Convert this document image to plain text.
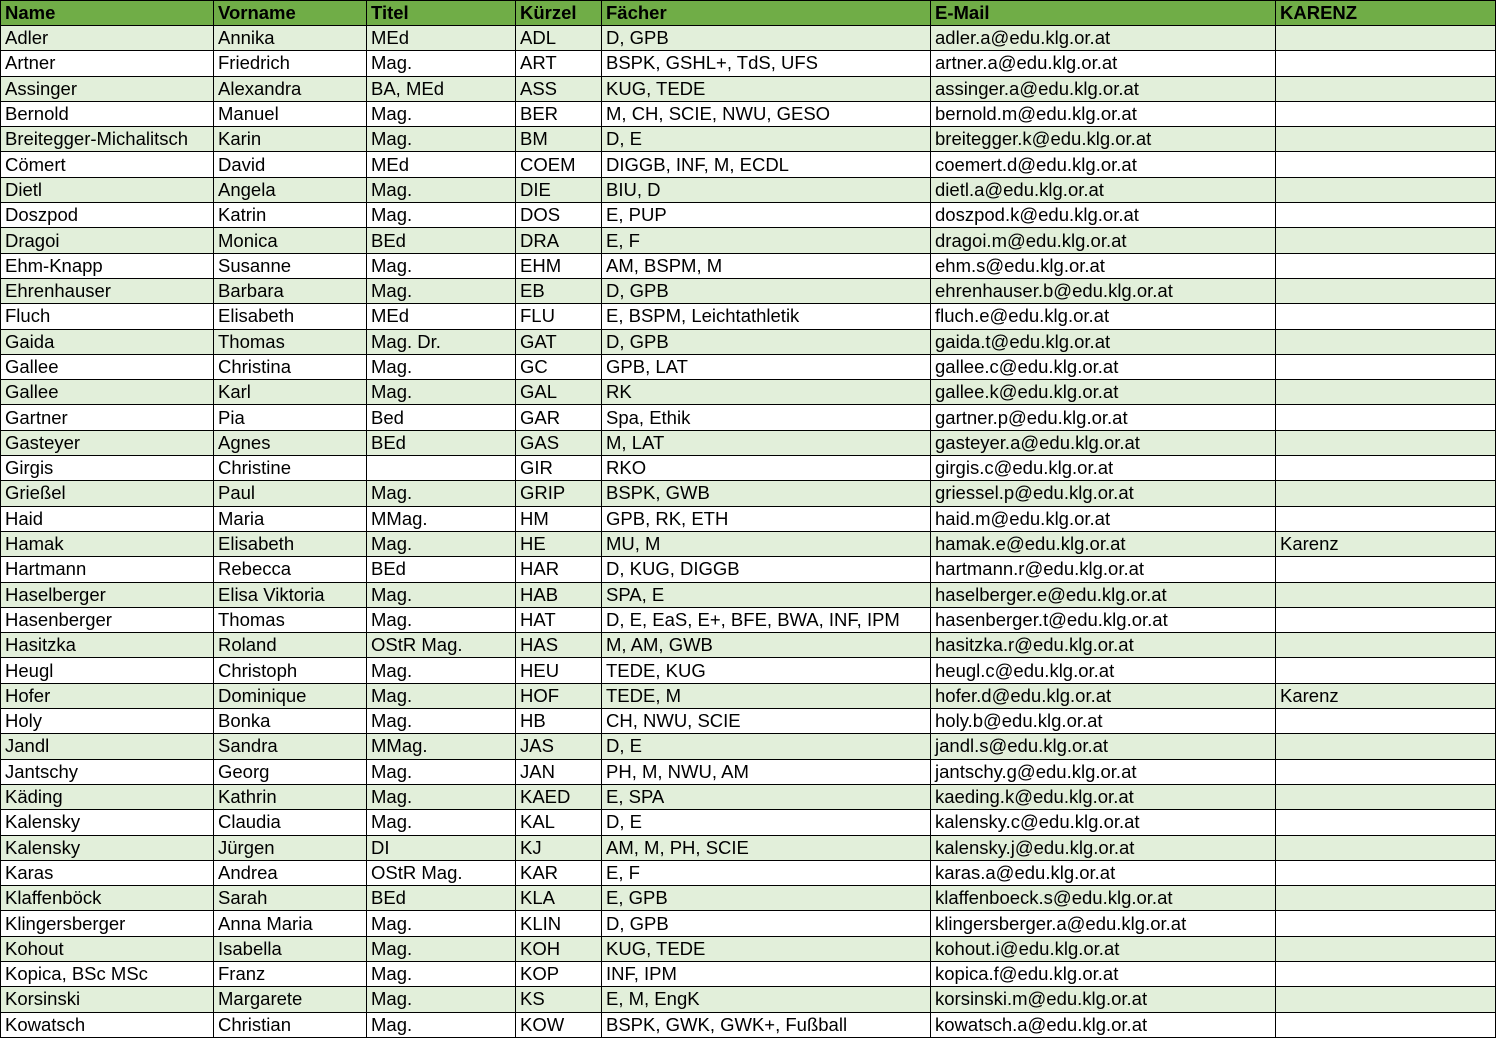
Name	Vorname	Titel	Kürzel	Fächer	E-Mail	KARENZ
Adler	Annika	MEd	ADL	D, GPB	adler.a@edu.klg.or.at	
Artner	Friedrich	Mag.	ART	BSPK, GSHL+, TdS, UFS	artner.a@edu.klg.or.at	
Assinger	Alexandra	BA, MEd	ASS	KUG, TEDE	assinger.a@edu.klg.or.at	
Bernold	Manuel	Mag.	BER	M, CH, SCIE, NWU, GESO	bernold.m@edu.klg.or.at	
Breitegger-Michalitsch	Karin	Mag.	BM	D, E	breitegger.k@edu.klg.or.at	
Cömert	David	MEd	COEM	DIGGB, INF, M, ECDL	coemert.d@edu.klg.or.at	
Dietl	Angela	Mag.	DIE	BIU, D	dietl.a@edu.klg.or.at	
Doszpod	Katrin	Mag.	DOS	E, PUP	doszpod.k@edu.klg.or.at	
Dragoi	Monica	BEd	DRA	E, F	dragoi.m@edu.klg.or.at	
Ehm-Knapp	Susanne	Mag.	EHM	AM, BSPM, M	ehm.s@edu.klg.or.at	
Ehrenhauser	Barbara	Mag.	EB	D, GPB	ehrenhauser.b@edu.klg.or.at	
Fluch	Elisabeth	MEd	FLU	E, BSPM, Leichtathletik	fluch.e@edu.klg.or.at	
Gaida	Thomas	Mag. Dr.	GAT	D, GPB	gaida.t@edu.klg.or.at	
Gallee	Christina	Mag.	GC	GPB, LAT	gallee.c@edu.klg.or.at	
Gallee	Karl	Mag.	GAL	RK	gallee.k@edu.klg.or.at	
Gartner	Pia	Bed	GAR	Spa, Ethik	gartner.p@edu.klg.or.at	
Gasteyer	Agnes	BEd	GAS	M, LAT	gasteyer.a@edu.klg.or.at	
Girgis	Christine		GIR	RKO	girgis.c@edu.klg.or.at	
Grießel	Paul	Mag.	GRIP	BSPK, GWB	griessel.p@edu.klg.or.at	
Haid	Maria	MMag.	HM	GPB, RK, ETH	haid.m@edu.klg.or.at	
Hamak	Elisabeth	Mag.	HE	MU, M	hamak.e@edu.klg.or.at	Karenz
Hartmann	Rebecca	BEd	HAR	D, KUG, DIGGB	hartmann.r@edu.klg.or.at	
Haselberger	Elisa Viktoria	Mag.	HAB	SPA, E	haselberger.e@edu.klg.or.at	
Hasenberger	Thomas	Mag.	HAT	D, E, EaS, E+, BFE, BWA, INF, IPM	hasenberger.t@edu.klg.or.at	
Hasitzka	Roland	OStR Mag.	HAS	M, AM, GWB	hasitzka.r@edu.klg.or.at	
Heugl	Christoph	Mag.	HEU	TEDE, KUG	heugl.c@edu.klg.or.at	
Hofer	Dominique	Mag.	HOF	TEDE, M	hofer.d@edu.klg.or.at	Karenz
Holy	Bonka	Mag.	HB	CH, NWU, SCIE	holy.b@edu.klg.or.at	
Jandl	Sandra	MMag.	JAS	D, E	jandl.s@edu.klg.or.at	
Jantschy	Georg	Mag.	JAN	PH, M, NWU, AM	jantschy.g@edu.klg.or.at	
Käding	Kathrin	Mag.	KAED	E, SPA	kaeding.k@edu.klg.or.at	
Kalensky	Claudia	Mag.	KAL	D, E	kalensky.c@edu.klg.or.at	
Kalensky	Jürgen	DI	KJ	AM, M, PH, SCIE	kalensky.j@edu.klg.or.at	
Karas	Andrea	OStR Mag.	KAR	E, F	karas.a@edu.klg.or.at	
Klaffenböck	Sarah	BEd	KLA	E, GPB	klaffenboeck.s@edu.klg.or.at	
Klingersberger	Anna Maria	Mag.	KLIN	D, GPB	klingersberger.a@edu.klg.or.at	
Kohout	Isabella	Mag.	KOH	KUG, TEDE	kohout.i@edu.klg.or.at	
Kopica, BSc MSc	Franz	Mag.	KOP	INF, IPM	kopica.f@edu.klg.or.at	
Korsinski	Margarete	Mag.	KS	E, M, EngK	korsinski.m@edu.klg.or.at	
Kowatsch	Christian	Mag.	KOW	BSPK, GWK, GWK+, Fußball	kowatsch.a@edu.klg.or.at	
